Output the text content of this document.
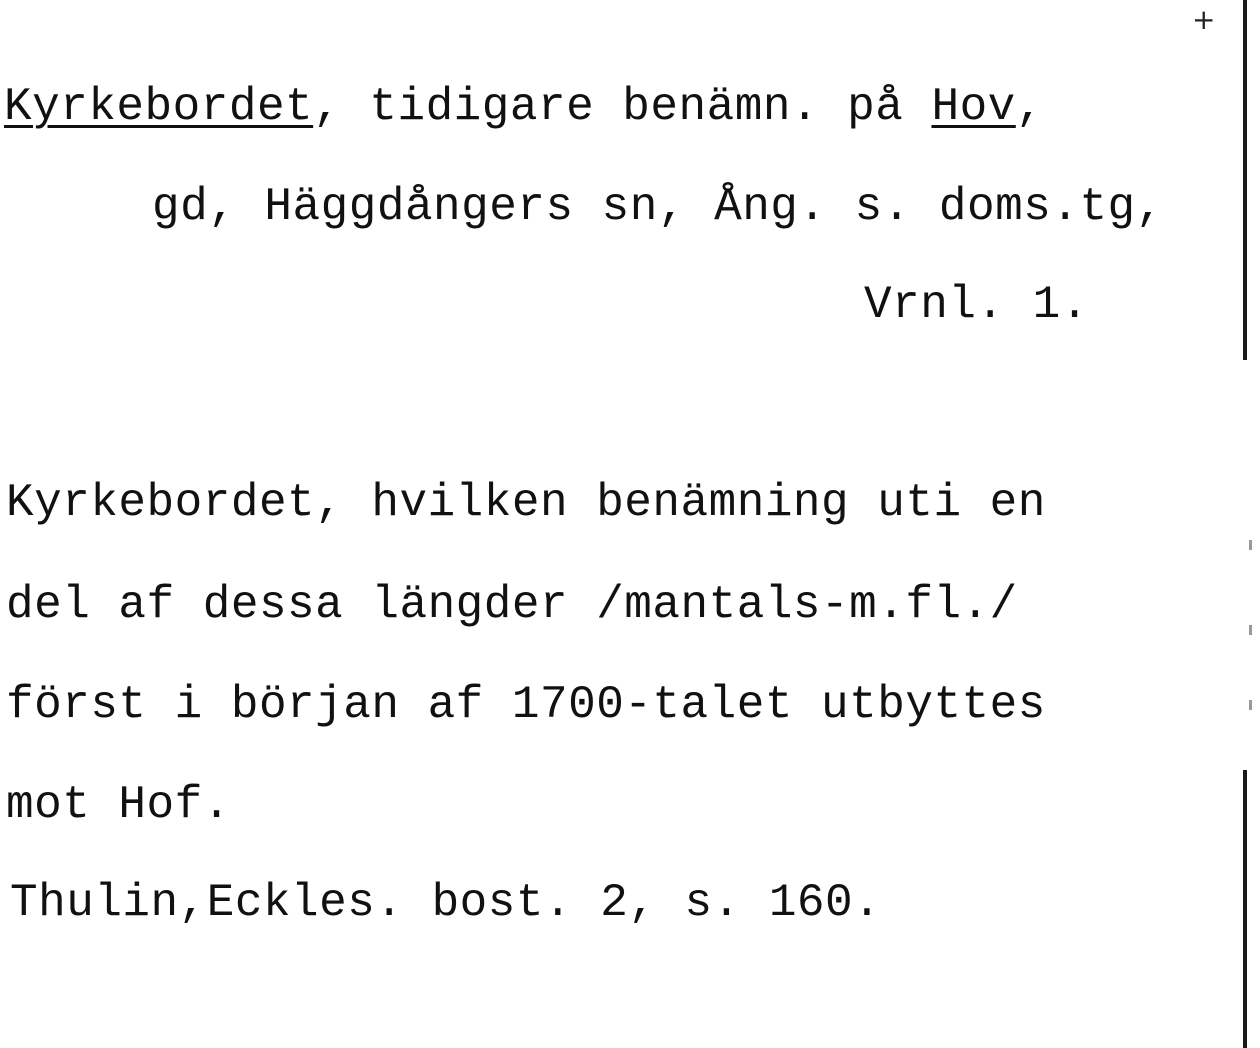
+
Kyrkebordet, tidigare benämn. på Hov,
gd, Häggdångers sn, Ång. s. doms.tg,
Vrnl. 1.
Kyrkebordet, hvilken benämning uti en
del af dessa längder /mantals-m.fl./
först i början af 1700-talet utbyttes
mot Hof.
Thulin,Eckles. bost. 2, s. 160.
